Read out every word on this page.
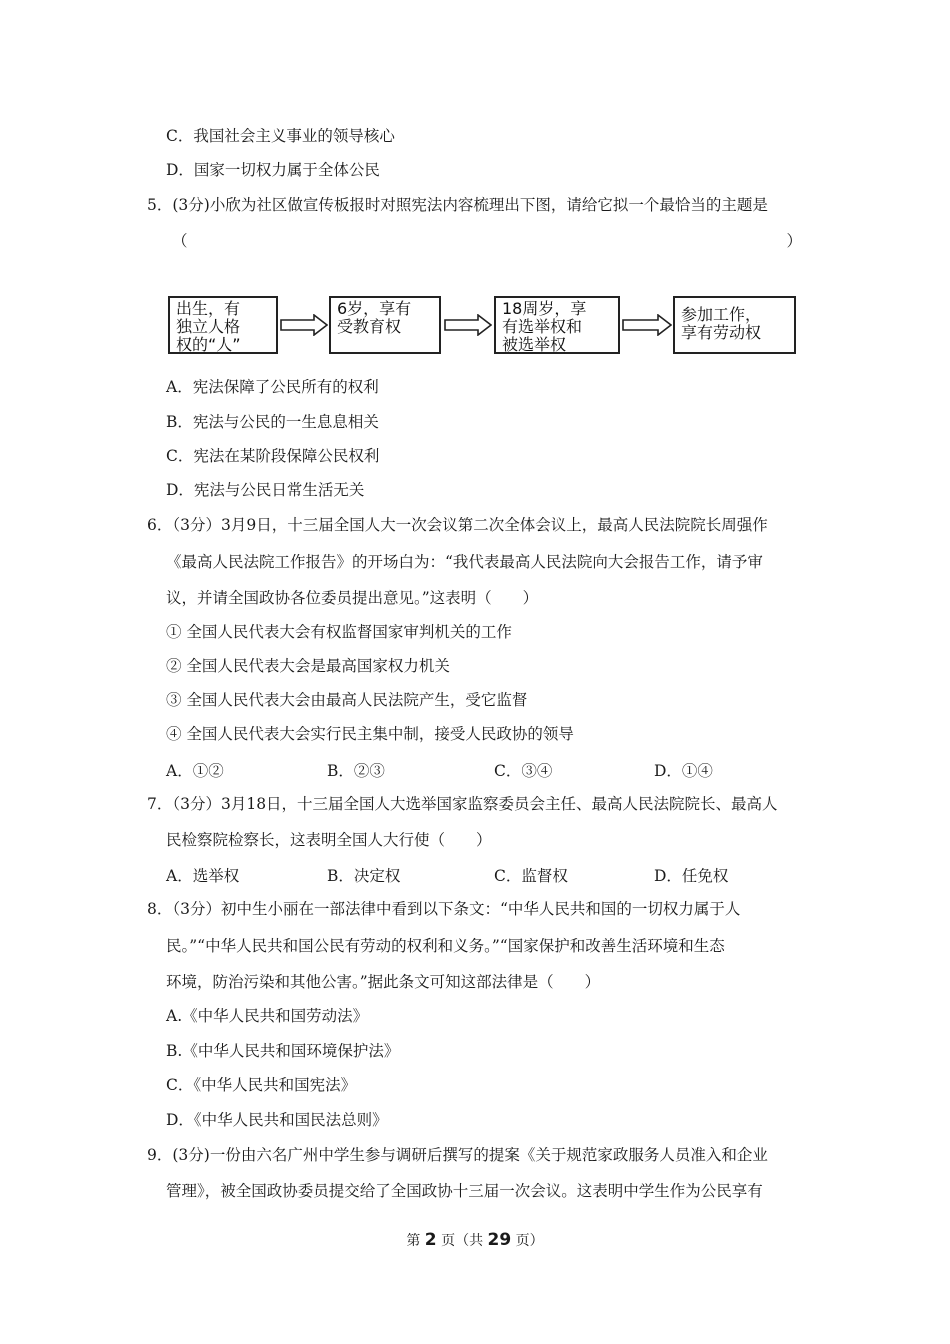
C．我国社会主义事业的领导核心
D．国家一切权力属于全体公民
5．(3分)小欣为社区做宣传板报时对照宪法内容梳理出下图，请给它拟一个最恰当的主题是
（	）
出生，有
独立人格
权的“人”
6岁，享有
受教育权
18周岁，享
有选举权和
被选举权
参加工作，
享有劳动权
A．宪法保障了公民所有的权利
B．宪法与公民的一生息息相关
C．宪法在某阶段保障公民权利
D．宪法与公民日常生活无关
6．（3分）3月9日，十三届全国人大一次会议第二次全体会议上，最高人民法院院长周强作
《最高人民法院工作报告》的开场白为：“我代表最高人民法院向大会报告工作，请予审
议，并请全国政协各位委员提出意见。”这表明（　　）
① 全国人民代表大会有权监督国家审判机关的工作
② 全国人民代表大会是最高国家权力机关
③ 全国人民代表大会由最高人民法院产生，受它监督
④ 全国人民代表大会实行民主集中制，接受人民政协的领导
A．①②	B．②③	C．③④	D．①④
7．（3分）3月18日，十三届全国人大选举国家监察委员会主任、最高人民法院院长、最高人
民检察院检察长，这表明全国人大行使（　　）
A．选举权	B．决定权	C．监督权	D．任免权
8．（3分）初中生小丽在一部法律中看到以下条文：“中华人民共和国的一切权力属于人
民。”“中华人民共和国公民有劳动的权利和义务。”“国家保护和改善生活环境和生态
环境，防治污染和其他公害。”据此条文可知这部法律是（　　）
A.《中华人民共和国劳动法》
B.《中华人民共和国环境保护法》
C．《中华人民共和国宪法》
D．《中华人民共和国民法总则》
9．(3分)一份由六名广州中学生参与调研后撰写的提案《关于规范家政服务人员准入和企业
管理》，被全国政协委员提交给了全国政协十三届一次会议。这表明中学生作为公民享有
第 2 页（共 29 页）
